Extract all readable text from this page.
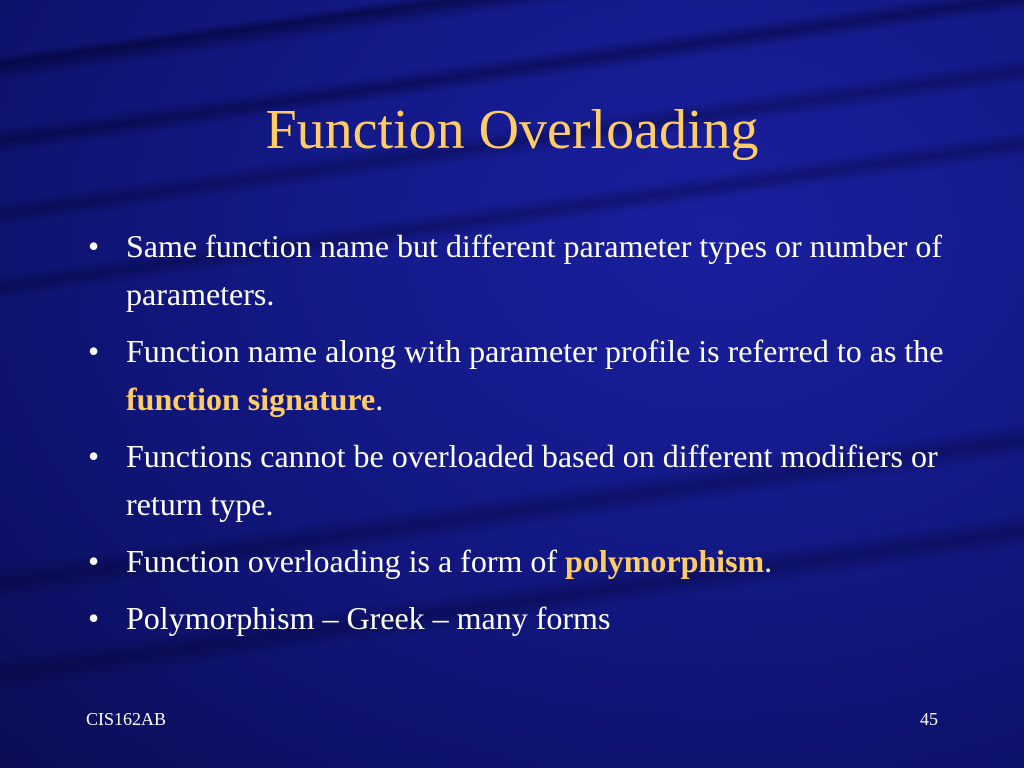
Function Overloading
• Same function name but different parameter types or number of parameters.
• Function name along with parameter profile is referred to as the function signature.
• Functions cannot be overloaded based on different modifiers or return type.
• Function overloading is a form of polymorphism.
• Polymorphism – Greek – many forms
CIS162AB	45
